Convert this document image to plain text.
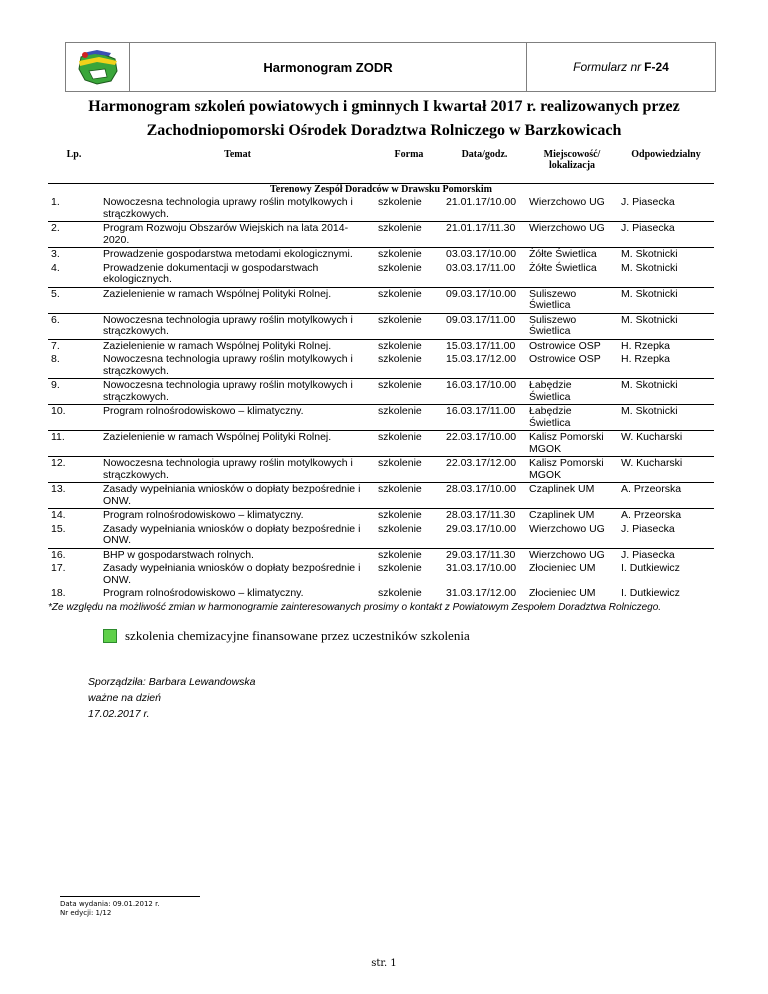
Harmonogram ZODR	Formularz nr F-24
Harmonogram szkoleń powiatowych i gminnych I kwartał 2017 r. realizowanych przez
Zachodniopomorski Ośrodek Doradztwa Rolniczego w Barzkowicach
Lp.	Temat	Forma	Data/godz.	Miejscowość/
lokalizacja	Odpowiedzialny
Terenowy Zespół Doradców w Drawsku Pomorskim					
1.	Nowoczesna technologia uprawy roślin motylkowych i strączkowych.	szkolenie	21.01.17/10.00	Wierzchowo UG	J. Piasecka
2.	Program Rozwoju Obszarów Wiejskich na lata 2014-2020.	szkolenie	21.01.17/11.30	Wierzchowo UG	J. Piasecka
3.	Prowadzenie gospodarstwa metodami ekologicznymi.	szkolenie	03.03.17/10.00	Żółte Świetlica	M. Skotnicki
4.	Prowadzenie dokumentacji w gospodarstwach ekologicznych.	szkolenie	03.03.17/11.00	Żółte Świetlica	M. Skotnicki
5.	Zazielenienie w ramach Wspólnej Polityki Rolnej.	szkolenie	09.03.17/10.00	Suliszewo Świetlica	M. Skotnicki
6.	Nowoczesna technologia uprawy roślin motylkowych i strączkowych.	szkolenie	09.03.17/11.00	Suliszewo Świetlica	M. Skotnicki
7.	Zazielenienie w ramach Wspólnej Polityki Rolnej.	szkolenie	15.03.17/11.00	Ostrowice OSP	H. Rzepka
8.	Nowoczesna technologia uprawy roślin motylkowych i strączkowych.	szkolenie	15.03.17/12.00	Ostrowice OSP	H. Rzepka
9.	Nowoczesna technologia uprawy roślin motylkowych i strączkowych.	szkolenie	16.03.17/10.00	Łabędzie Świetlica	M. Skotnicki
10.	Program rolnośrodowiskowo – klimatyczny.	szkolenie	16.03.17/11.00	Łabędzie Świetlica	M. Skotnicki
11.	Zazielenienie w ramach Wspólnej Polityki Rolnej.	szkolenie	22.03.17/10.00	Kalisz Pomorski MGOK	W. Kucharski
12.	Nowoczesna technologia uprawy roślin motylkowych i strączkowych.	szkolenie	22.03.17/12.00	Kalisz Pomorski MGOK	W. Kucharski
13.	Zasady wypełniania wniosków o dopłaty bezpośrednie i ONW.	szkolenie	28.03.17/10.00	Czaplinek UM	A. Przeorska
14.	Program rolnośrodowiskowo – klimatyczny.	szkolenie	28.03.17/11.30	Czaplinek UM	A. Przeorska
15.	Zasady wypełniania wniosków o dopłaty bezpośrednie i ONW.	szkolenie	29.03.17/10.00	Wierzchowo UG	J. Piasecka
16.	BHP w gospodarstwach rolnych.	szkolenie	29.03.17/11.30	Wierzchowo UG	J. Piasecka
17.	Zasady wypełniania wniosków o dopłaty bezpośrednie i ONW.	szkolenie	31.03.17/10.00	Złocieniec UM	I. Dutkiewicz
18.	Program rolnośrodowiskowo – klimatyczny.	szkolenie	31.03.17/12.00	Złocieniec UM	I. Dutkiewicz
*Ze względu na możliwość zmian w harmonogramie zainteresowanych prosimy o kontakt z Powiatowym Zespołem Doradztwa Rolniczego.
szkolenia chemizacyjne finansowane przez uczestników szkolenia
Sporządziła: Barbara Lewandowska
ważne na dzień
17.02.2017 r.
Data wydania: 09.01.2012 r.
Nr edycji: 1/12
str. 1
